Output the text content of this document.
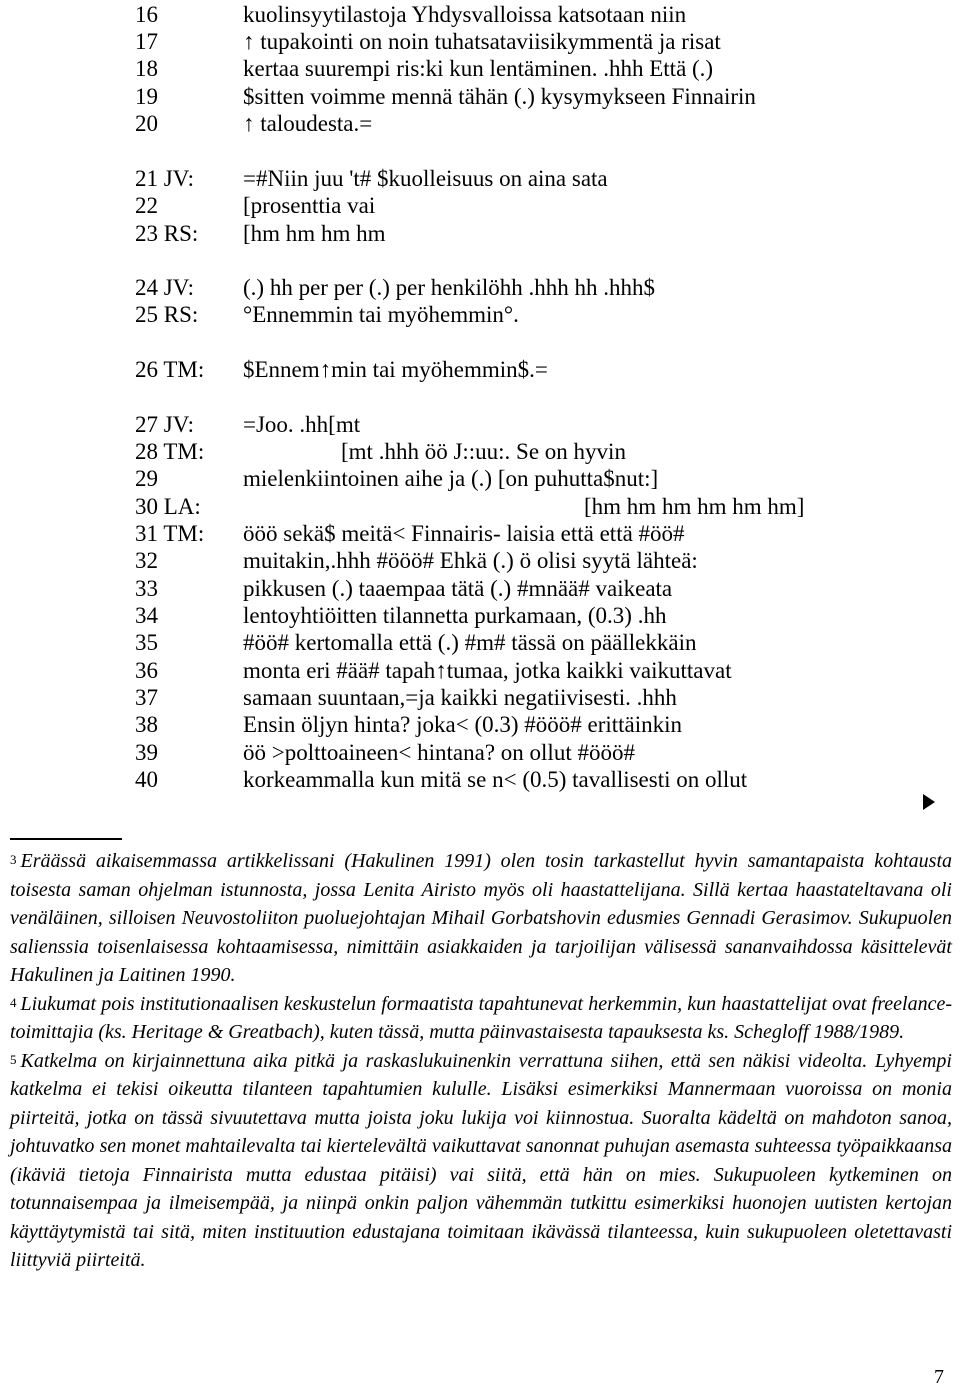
16	kuolinsyytilastoja Yhdysvalloissa katsotaan niin
17	↑ tupakointi on noin tuhatsataviisikymmentä ja risat
18	kertaa suurempi ris:ki kun lentäminen. .hhh Että (.)
19	$sitten voimme mennä tähän (.) kysymykseen Finnairin
20	↑ taloudesta.=
21 JV: =#Niin juu 't# $kuolleisuus on aina sata
22	[prosenttia vai
23 RS: [hm hm hm hm
24 JV: (.) hh per per (.) per henkilöhh .hhh hh .hhh$
25 RS: °Ennemmin tai myöhemmin°.
26 TM: $Ennem↑min tai myöhemmin$.=
27 JV: =Joo. .hh[mt
28 TM:	[mt .hhh öö J::uu:. Se on hyvin
29	mielenkiintoinen aihe ja (.) [on puhutta$nut:]
30 LA:	[hm hm hm hm hm hm]
31 TM: ööö sekä$ meitä< Finnairis- laisia että että #öö#
32	muitakin,.hhh #ööö# Ehkä (.) ö olisi syytä lähteä:
33	pikkusen (.) taaempaa tätä (.) #mnää# vaikeata
34	lentoyhtiöitten tilannetta purkamaan, (0.3) .hh
35	#öö# kertomalla että (.) #m# tässä on päällekkäin
36	monta eri #ää# tapah↑tumaa, jotka kaikki vaikuttavat
37	samaan suuntaan,=ja kaikki negatiivisesti. .hhh
38	Ensin öljyn hinta? joka< (0.3) #ööö# erittäinkin
39	öö >polttoaineen< hintana? on ollut #ööö#
40	korkeammalla kun mitä se n< (0.5) tavallisesti on ollut

$^3$ Eräässä aikaisemmassa artikkelissani (Hakulinen 1991) olen tosin tarkastellut hyvin samantapaista kohtausta toisesta saman ohjelman istunnosta, jossa Lenita Airisto myös oli haastattelijana. Sillä kertaa haastateltavana oli venäläinen, silloisen Neuvostoliiton puoluejohtajan Mihail Gorbatshovin edusmies Gennadi Gerasimov. Sukupuolen salienssia toisenlaisessa kohtaamisessa, nimittäin asiakkaiden ja tarjoilijan välisessä sananvaihdossa käsittelevät Hakulinen ja Laitinen 1990.

$^4$ Liukumat pois institutionaalisen keskustelun formaatista tapahtunevat herkemmin, kun haastattelijat ovat freelance-toimittajia (ks. Heritage & Greatbach), kuten tässä, mutta päinvastaisesta tapauksesta ks. Schegloff 1988/1989.

$^5$ Katkelma on kirjainnettuna aika pitkä ja raskaslukuinenkin verrattuna siihen, että sen näkisi videolta. Lyhyempi katkelma ei tekisi oikeutta tilanteen tapahtumien kululle. Lisäksi esimerkiksi Mannermaan vuoroissa on monia piirteitä, jotka on tässä sivuutettava mutta joista joku lukija voi kiinnostua. Suoralta kädeltä on mahdoton sanoa, johtuvatko sen monet mahtailevalta tai kiertelevältä vaikuttavat sanonnat puhujan asemasta suhteessa työpaikkaansa (ikäviä tietoja Finnairista mutta edustaa pitäisi) vai siitä, että hän on mies. Sukupuoleen kytkeminen on totunnaisempaa ja ilmeisempää, ja niinpä onkin paljon vähemmän tutkittu esimerkiksi huonojen uutisten kertojan käyttäytymistä tai sitä, miten instituution edustajana toimitaan ikävässä tilanteessa, kuin sukupuoleen oletettavasti liittyviä piirteitä.

7
